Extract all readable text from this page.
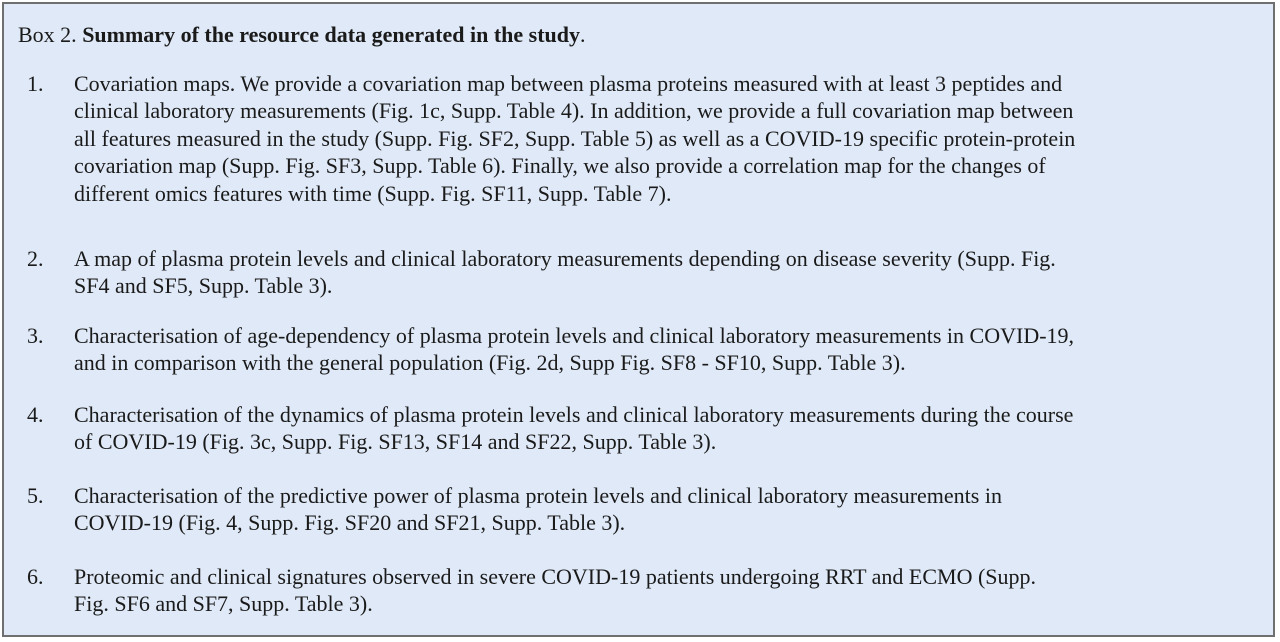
Box 2. Summary of the resource data generated in the study.
1.	Covariation maps. We provide a covariation map between plasma proteins measured with at least 3 peptides and
clinical laboratory measurements (Fig. 1c, Supp. Table 4). In addition, we provide a full covariation map between
all features measured in the study (Supp. Fig. SF2, Supp. Table 5) as well as a COVID-19 specific protein-protein
covariation map (Supp. Fig. SF3, Supp. Table 6). Finally, we also provide a correlation map for the changes of
different omics features with time (Supp. Fig. SF11, Supp. Table 7).
2.	A map of plasma protein levels and clinical laboratory measurements depending on disease severity (Supp. Fig.
SF4 and SF5, Supp. Table 3).
3.	Characterisation of age-dependency of plasma protein levels and clinical laboratory measurements in COVID-19,
and in comparison with the general population (Fig. 2d, Supp Fig. SF8 - SF10, Supp. Table 3).
4.	Characterisation of the dynamics of plasma protein levels and clinical laboratory measurements during the course
of COVID-19 (Fig. 3c, Supp. Fig. SF13, SF14 and SF22, Supp. Table 3).
5.	Characterisation of the predictive power of plasma protein levels and clinical laboratory measurements in
COVID-19 (Fig. 4, Supp. Fig. SF20 and SF21, Supp. Table 3).
6.	Proteomic and clinical signatures observed in severe COVID-19 patients undergoing RRT and ECMO (Supp.
Fig. SF6 and SF7, Supp. Table 3).
